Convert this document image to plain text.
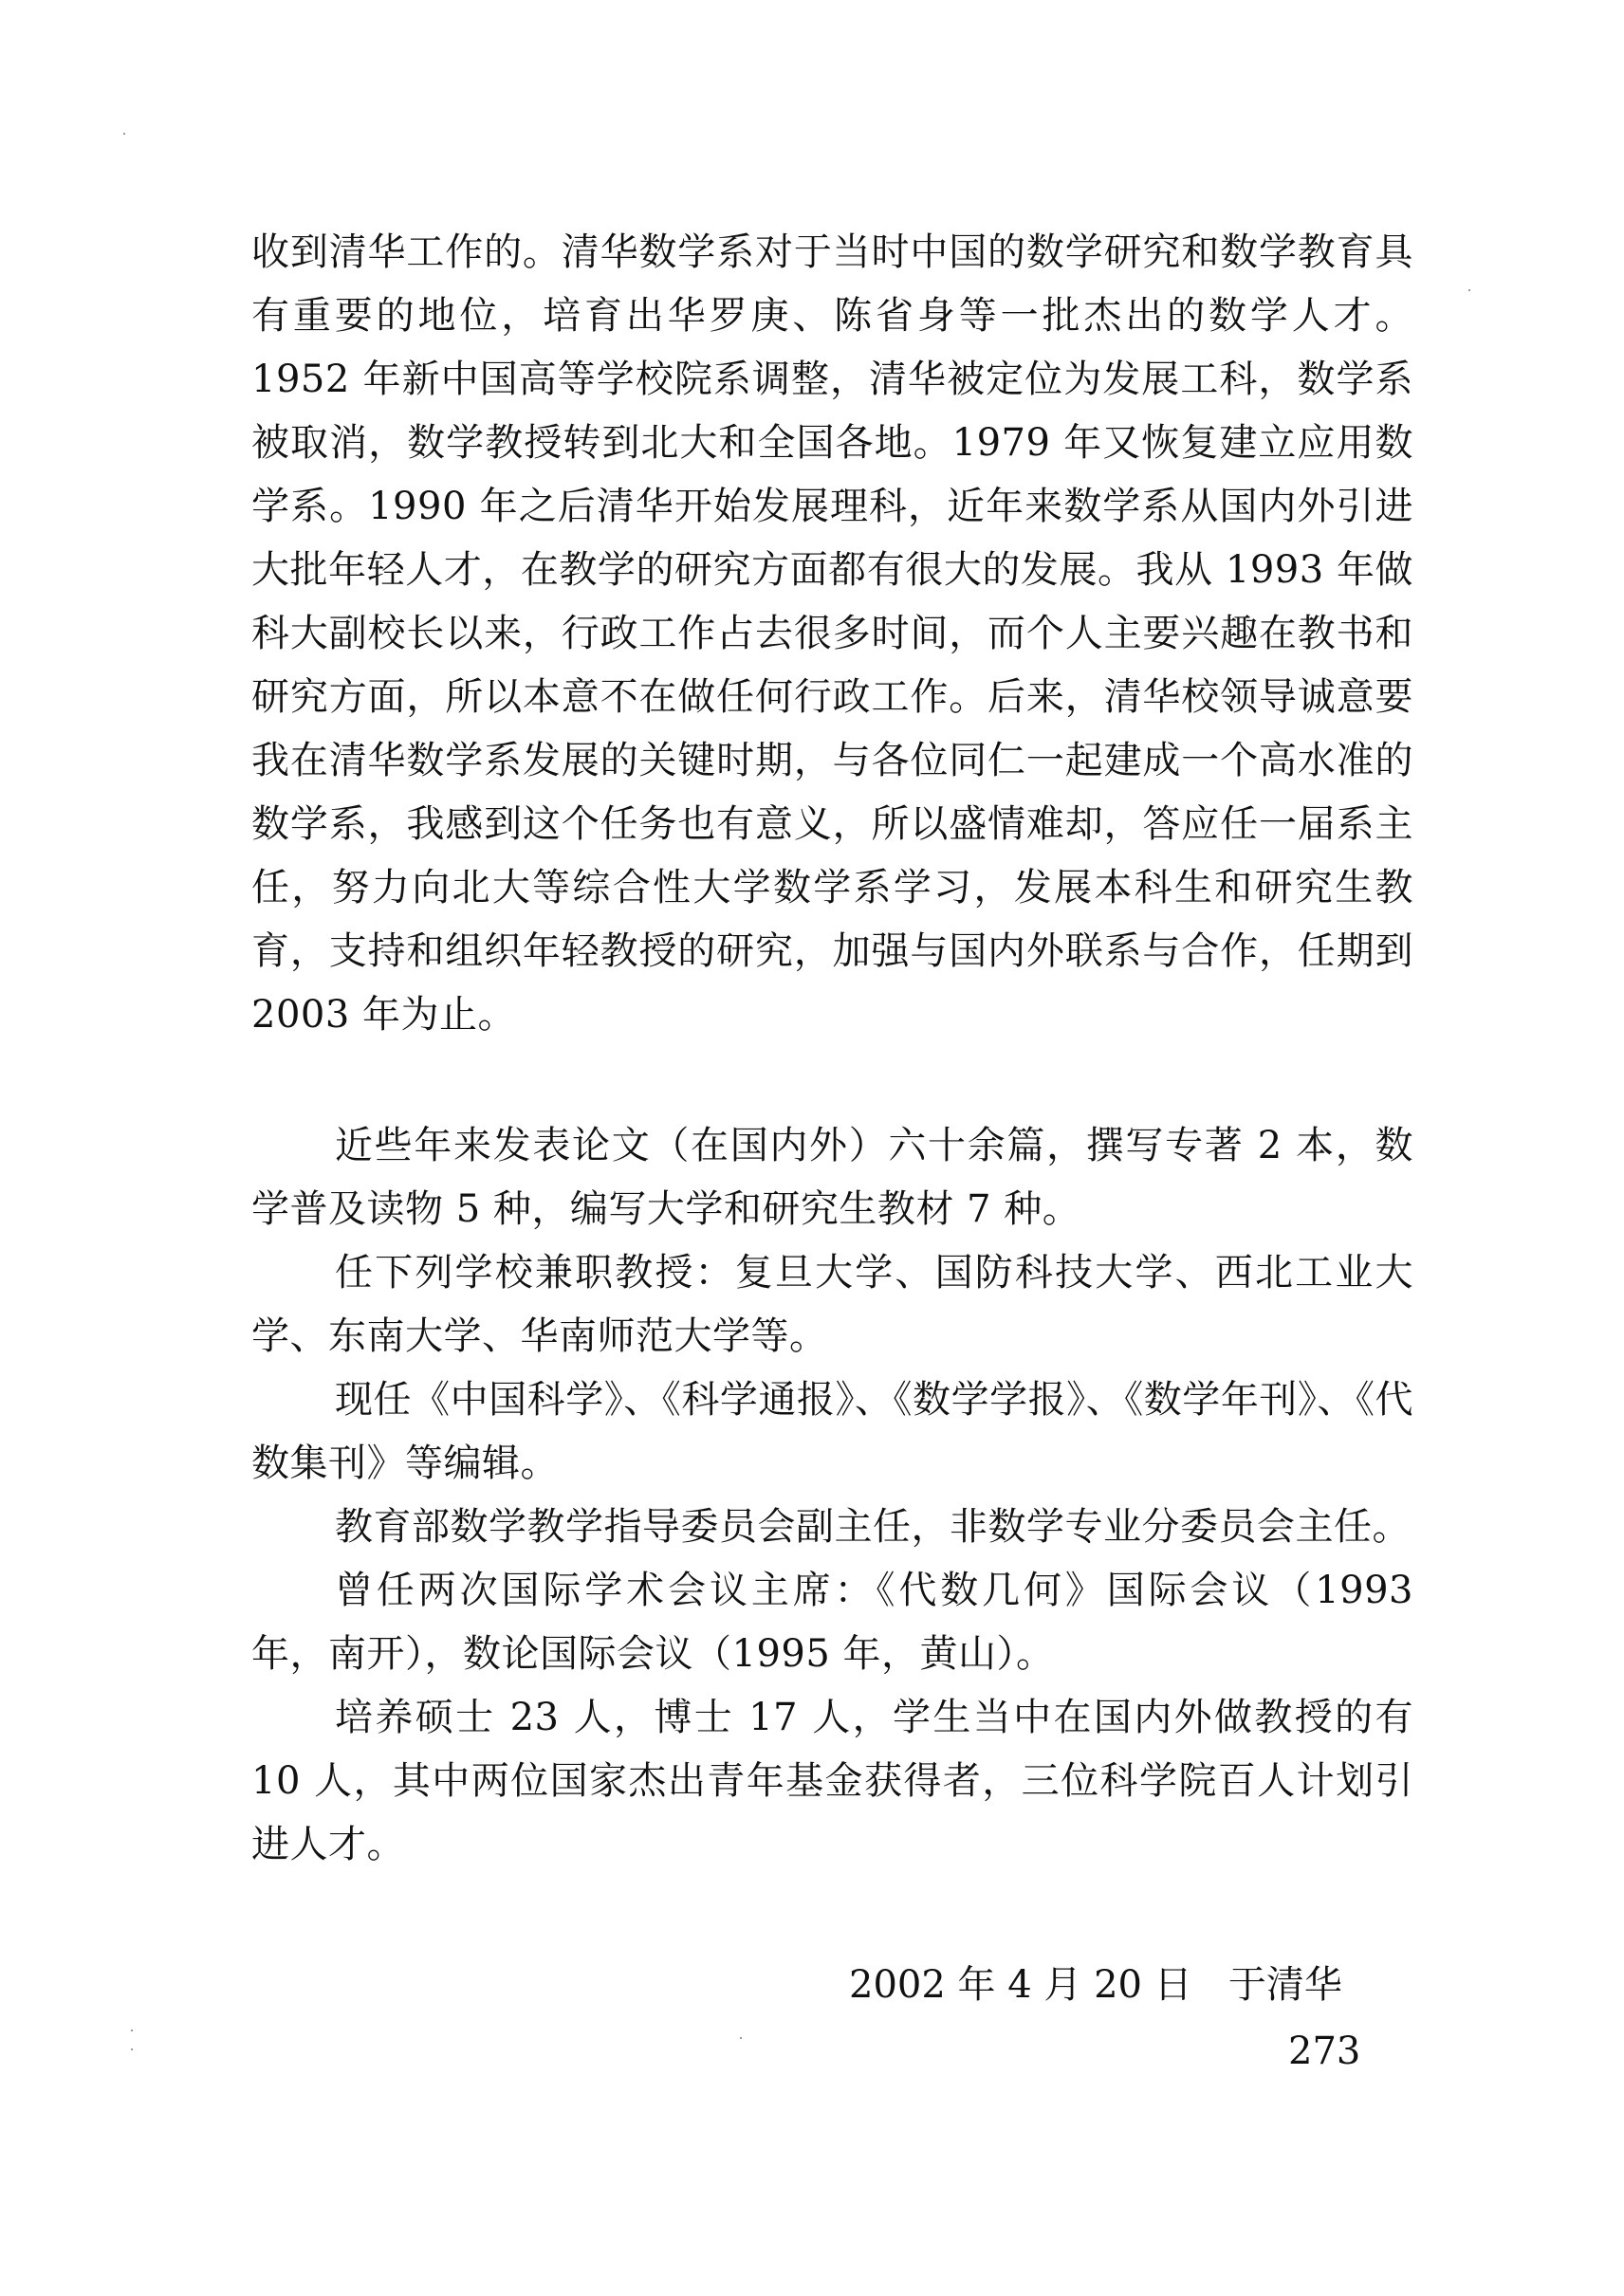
收到清华工作的。清华数学系对于当时中国的数学研究和数学教育具有重要的地位，培育出华罗庚、陈省身等一批杰出的数学人才。1952 年新中国高等学校院系调整，清华被定位为发展工科，数学系被取消，数学教授转到北大和全国各地。1979 年又恢复建立应用数学系。1990 年之后清华开始发展理科，近年来数学系从国内外引进大批年轻人才，在教学的研究方面都有很大的发展。我从 1993 年做科大副校长以来，行政工作占去很多时间，而个人主要兴趣在教书和研究方面，所以本意不在做任何行政工作。后来，清华校领导诚意要我在清华数学系发展的关键时期，与各位同仁一起建成一个高水准的数学系，我感到这个任务也有意义，所以盛情难却，答应任一届系主任，努力向北大等综合性大学数学系学习，发展本科生和研究生教育，支持和组织年轻教授的研究，加强与国内外联系与合作，任期到 2003 年为止。

近些年来发表论文（在国内外）六十余篇，撰写专著 2 本，数学普及读物 5 种，编写大学和研究生教材 7 种。

任下列学校兼职教授：复旦大学、国防科技大学、西北工业大学、东南大学、华南师范大学等。

现任《中国科学》、《科学通报》、《数学学报》、《数学年刊》、《代数集刊》等编辑。

教育部数学教学指导委员会副主任，非数学专业分委员会主任。

曾任两次国际学术会议主席：《代数几何》国际会议（1993 年，南开），数论国际会议（1995 年，黄山）。

培养硕士 23 人，博士 17 人，学生当中在国内外做教授的有 10 人，其中两位国家杰出青年基金获得者，三位科学院百人计划引进人才。

2002 年 4 月 20 日   于清华
273
